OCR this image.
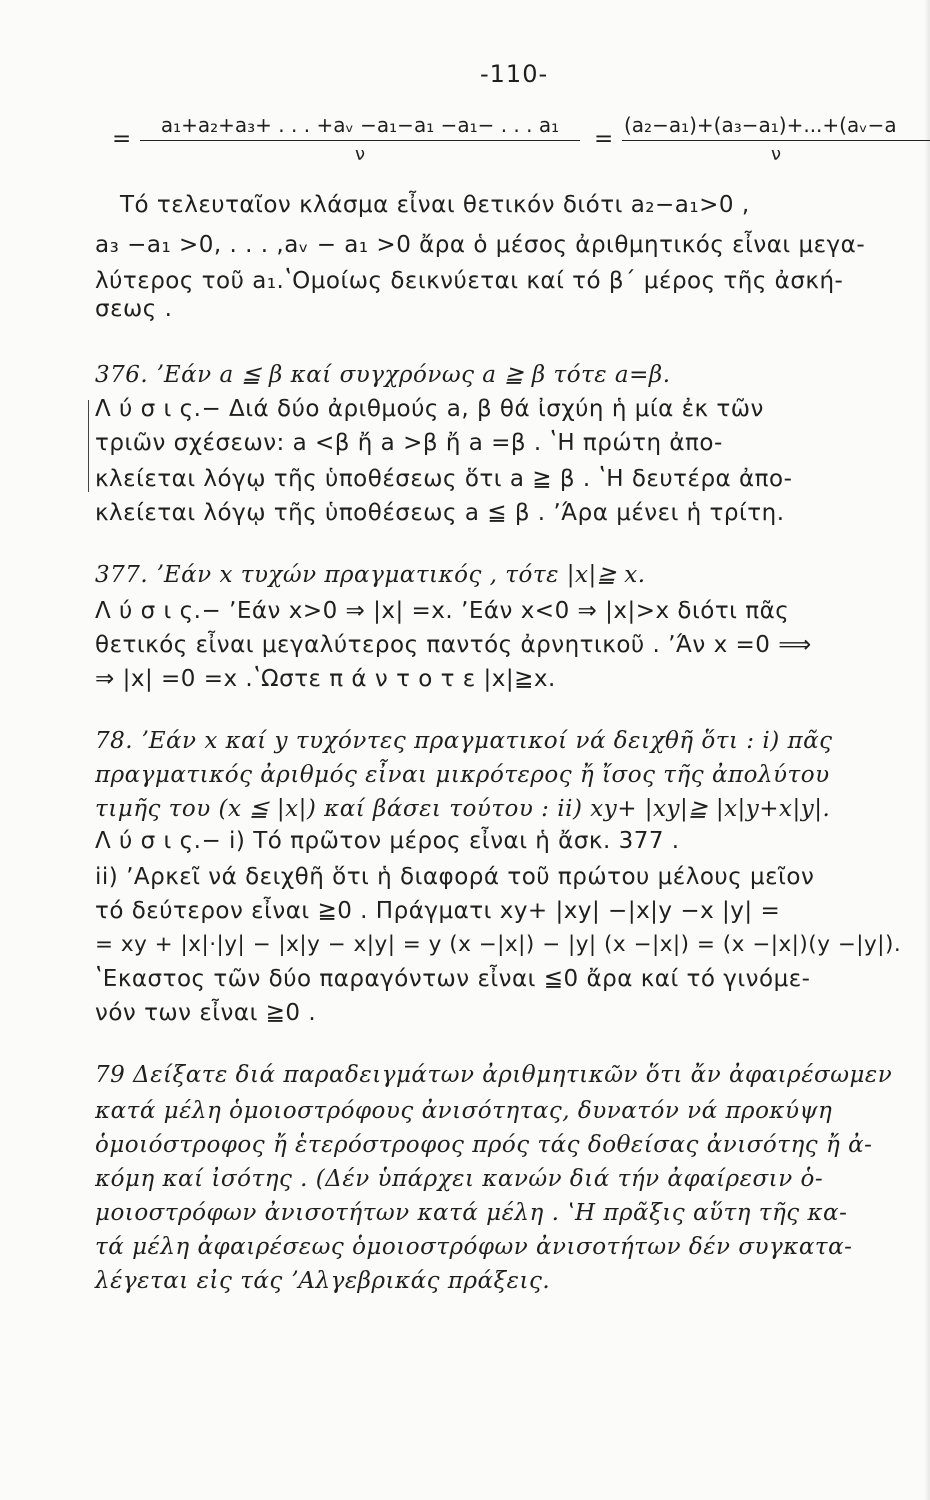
-110-
=
a₁+a₂+a₃+ . . . +aᵥ −a₁−a₁ −a₁− . . . a₁
ν
=
(a₂−a₁)+(a₃−a₁)+...+(aᵥ−a
ν
Τό τελευταῖον κλάσμα εἶναι θετικόν διότι a₂−a₁>0 ,
a₃ −a₁ >0, . . . ,aᵥ − a₁ >0 ἄρα ὁ μέσος ἀριθμητικός εἶναι μεγα-
λύτερος τοῦ a₁.ʽΟμοίως δεικνύεται καί τό β΄ μέρος τῆς ἀσκή-
σεως .
376. ʼΕάν a ≦ β καί συγχρόνως a ≧ β τότε a=β.
Λ ύ σ ι ς.− Διά δύο ἀριθμούς a, β θά ἰσχύη ἡ μία ἐκ τῶν
τριῶν σχέσεων: a <β ἤ a >β ἤ a =β . ʽΗ πρώτη ἀπο-
κλείεται λόγῳ τῆς ὑποθέσεως ὅτι a ≧ β . ʽΗ δευτέρα ἀπο-
κλείεται λόγῳ τῆς ὑποθέσεως a ≦ β . ʼΆρα μένει ἡ τρίτη.
377. ʼΕάν x τυχών πραγματικός , τότε |x|≧ x.
Λ ύ σ ι ς.− ʼΕάν x>0 ⇒ |x| =x. ʼΕάν x<0 ⇒ |x|>x διότι πᾶς
θετικός εἶναι μεγαλύτερος παντός ἀρνητικοῦ . ʼΆν x =0 ⟹
⇒ |x| =0 =x .ʽΩστε π ά ν τ ο τ ε |x|≧x.
78. ʼΕάν x καί y τυχόντες πραγματικοί νά δειχθῆ ὅτι : i) πᾶς
πραγματικός ἀριθμός εἶναι μικρότερος ἤ ἴσος τῆς ἀπολύτου
τιμῆς του (x ≦ |x|) καί βάσει τούτου : ii) xy+ |xy|≧ |x|y+x|y|.
Λ ύ σ ι ς.− i) Τό πρῶτον μέρος εἶναι ἡ ἄσκ. 377 .
ii) ʼΑρκεῖ νά δειχθῆ ὅτι ἡ διαφορά τοῦ πρώτου μέλους μεῖον
τό δεύτερον εἶναι ≧0 . Πράγματι xy+ |xy| −|x|y −x |y| =
= xy + |x|·|y| − |x|y − x|y| = y (x −|x|) − |y| (x −|x|) = (x −|x|)(y −|y|).
ʽΕκαστος τῶν δύο παραγόντων εἶναι ≦0 ἄρα καί τό γινόμε-
νόν των εἶναι ≧0 .
79 Δείξατε διά παραδειγμάτων ἀριθμητικῶν ὅτι ἄν ἀφαιρέσωμεν
κατά μέλη ὁμοιοστρόφους ἀνισότητας, δυνατόν νά προκύψη
ὁμοιόστροφος ἤ ἑτερόστροφος πρός τάς δοθείσας ἀνισότης ἤ ἀ-
κόμη καί ἰσότης . (Δέν ὑπάρχει κανών διά τήν ἀφαίρεσιν ὁ-
μοιοστρόφων ἀνισοτήτων κατά μέλη . ʽΗ πρᾶξις αὕτη τῆς κα-
τά μέλη ἀφαιρέσεως ὁμοιοστρόφων ἀνισοτήτων δέν συγκατα-
λέγεται εἰς τάς ʼΑλγεβρικάς πράξεις.
